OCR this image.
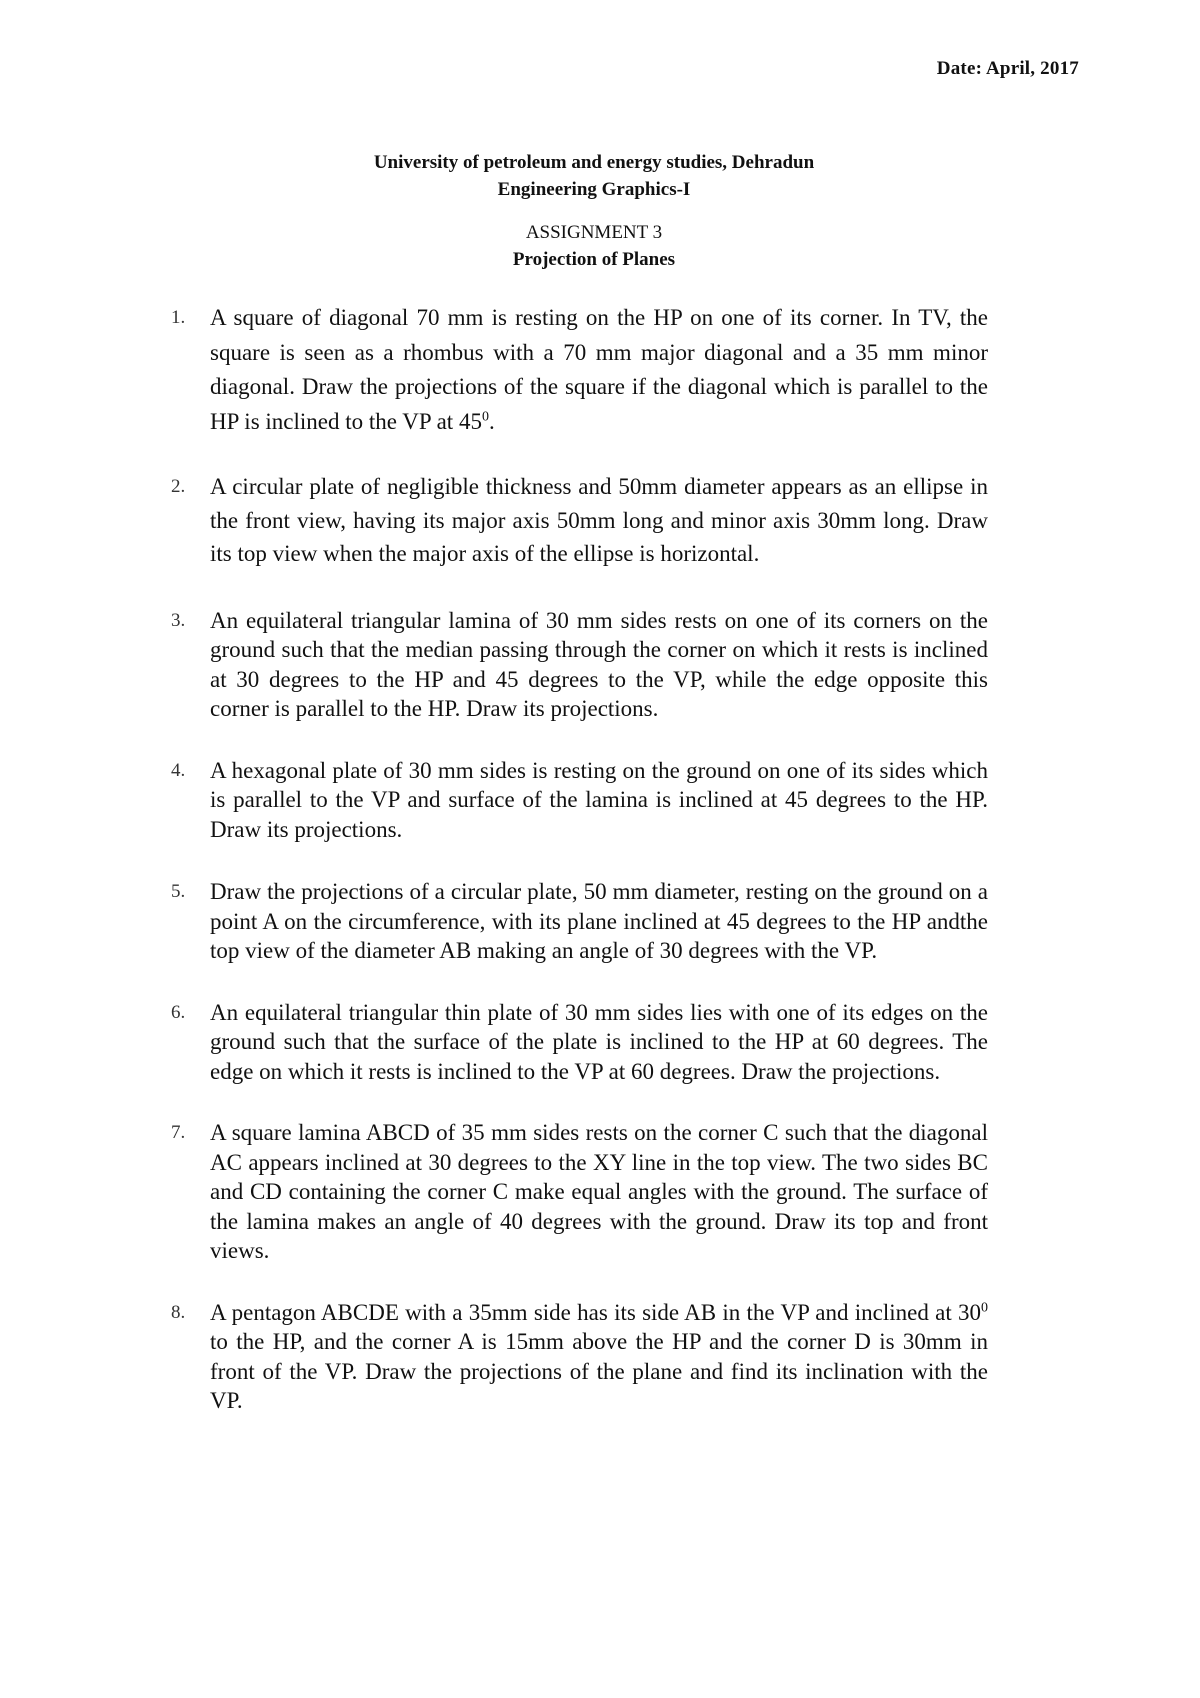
Date: April, 2017
University of petroleum and energy studies, Dehradun
Engineering Graphics-I
ASSIGNMENT 3
Projection of Planes
1. A square of diagonal 70 mm is resting on the HP on one of its corner. In TV, the square is seen as a rhombus with a 70 mm major diagonal and a 35 mm minor diagonal. Draw the projections of the square if the diagonal which is parallel to the HP is inclined to the VP at $45^0$.
2. A circular plate of negligible thickness and 50mm diameter appears as an ellipse in the front view, having its major axis 50mm long and minor axis 30mm long. Draw its top view when the major axis of the ellipse is horizontal.
3. An equilateral triangular lamina of 30 mm sides rests on one of its corners on the ground such that the median passing through the corner on which it rests is inclined at 30 degrees to the HP and 45 degrees to the VP, while the edge opposite this corner is parallel to the HP. Draw its projections.
4. A hexagonal plate of 30 mm sides is resting on the ground on one of its sides which is parallel to the VP and surface of the lamina is inclined at 45 degrees to the HP. Draw its projections.
5. Draw the projections of a circular plate, 50 mm diameter, resting on the ground on a point A on the circumference, with its plane inclined at 45 degrees to the HP andthe top view of the diameter AB making an angle of 30 degrees with the VP.
6. An equilateral triangular thin plate of 30 mm sides lies with one of its edges on the ground such that the surface of the plate is inclined to the HP at 60 degrees. The edge on which it rests is inclined to the VP at 60 degrees. Draw the projections.
7. A square lamina ABCD of 35 mm sides rests on the corner C such that the diagonal AC appears inclined at 30 degrees to the XY line in the top view. The two sides BC and CD containing the corner C make equal angles with the ground. The surface of the lamina makes an angle of 40 degrees with the ground. Draw its top and front views.
8. A pentagon ABCDE with a 35mm side has its side AB in the VP and inclined at $30^0$ to the HP, and the corner A is 15mm above the HP and the corner D is 30mm in front of the VP. Draw the projections of the plane and find its inclination with the VP.
